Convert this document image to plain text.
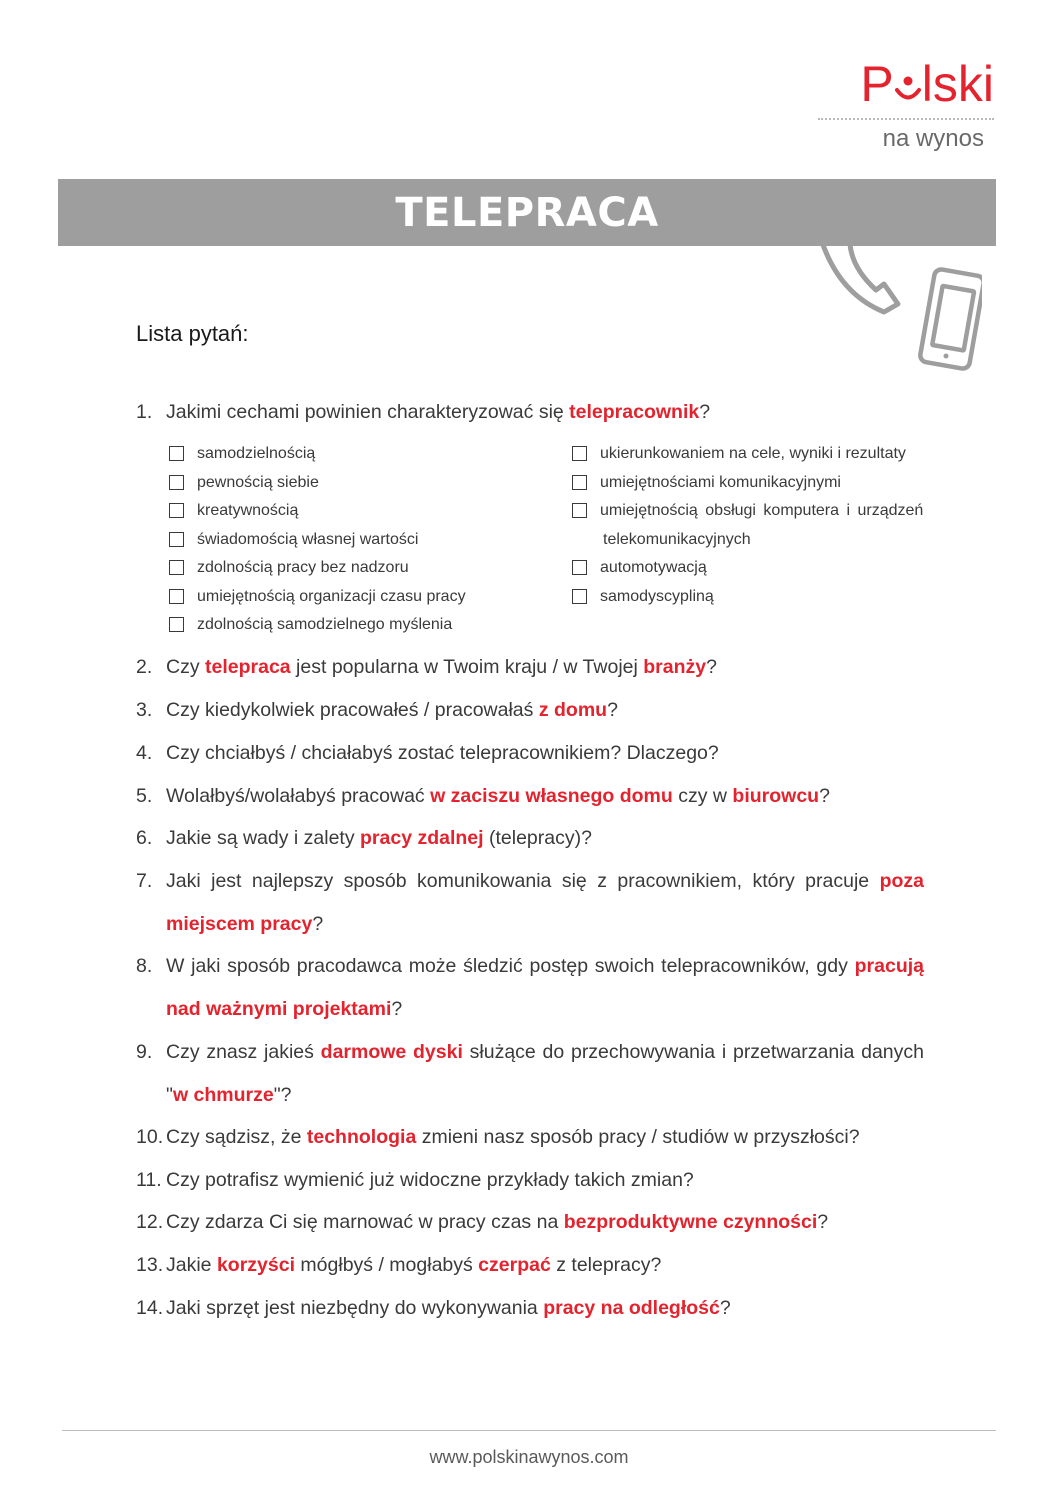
P lski
na wynos
TELEPRACA
Lista pytań:
1. Jakimi cechami powinien charakteryzować się telepracownik?
samodzielnością
pewnością siebie
kreatywnością
świadomością własnej wartości
zdolnością pracy bez nadzoru
umiejętnością organizacji czasu pracy
zdolnością samodzielnego myślenia
ukierunkowaniem na cele, wyniki i rezultaty
umiejętnościami komunikacyjnymi
umiejętnością obsługi komputera i urządzeń
telekomunikacyjnych
automotywacją
samodyscypliną
2. Czy telepraca jest popularna w Twoim kraju / w Twojej branży?
3. Czy kiedykolwiek pracowałeś / pracowałaś z domu?
4. Czy chciałbyś / chciałabyś zostać telepracownikiem? Dlaczego?
5. Wolałbyś/wolałabyś pracować w zaciszu własnego domu czy w biurowcu?
6. Jakie są wady i zalety pracy zdalnej (telepracy)?
7. Jaki jest najlepszy sposób komunikowania się z pracownikiem, który pracuje poza miejscem pracy?
8. W jaki sposób pracodawca może śledzić postęp swoich telepracowników, gdy pracują nad ważnymi projektami?
9. Czy znasz jakieś darmowe dyski służące do przechowywania i przetwarzania danych "w chmurze"?
10. Czy sądzisz, że technologia zmieni nasz sposób pracy / studiów w przyszłości?
11. Czy potrafisz wymienić już widoczne przykłady takich zmian?
12. Czy zdarza Ci się marnować w pracy czas na bezproduktywne czynności?
13. Jakie korzyści mógłbyś / mogłabyś czerpać z telepracy?
14. Jaki sprzęt jest niezbędny do wykonywania pracy na odległość?
www.polskinawynos.com
